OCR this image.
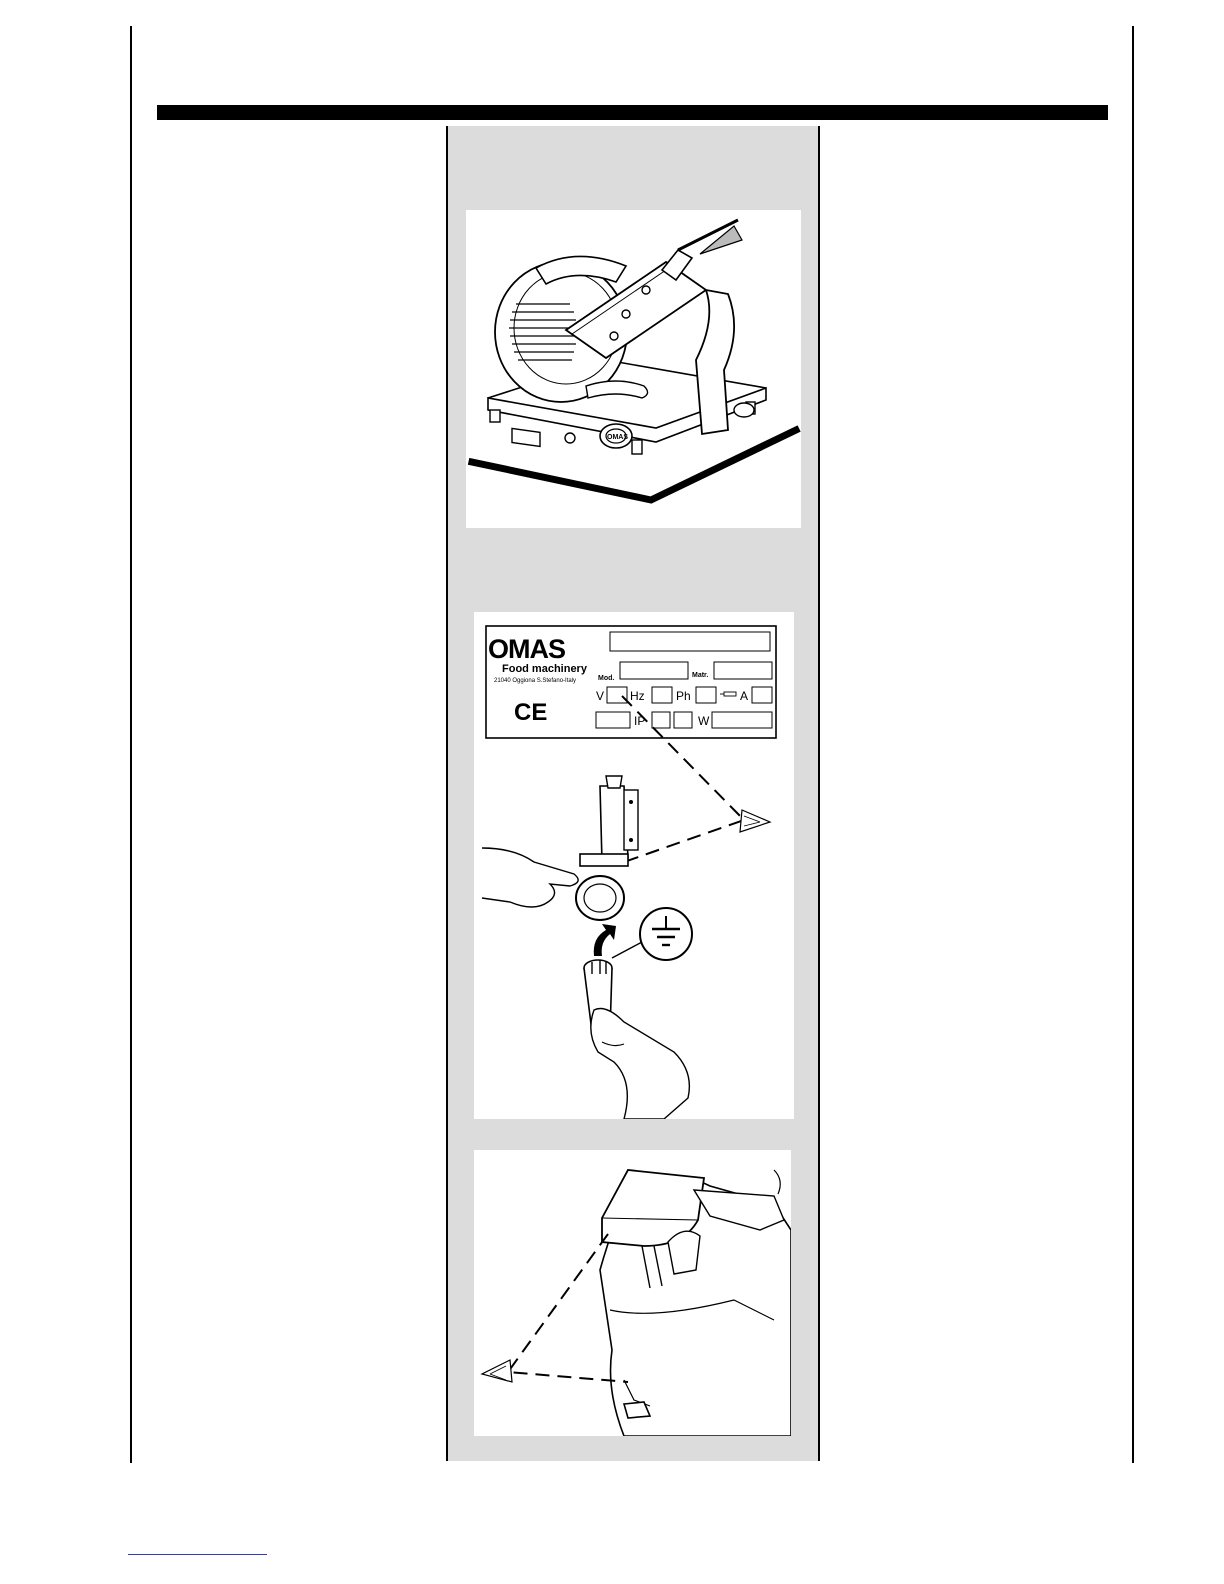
OMAS
OMAS
Food machinery
21040 Oggiona S.Stefano-Italy
CE
Mod.	Matr.
V Hz	Ph	A
IP	W
